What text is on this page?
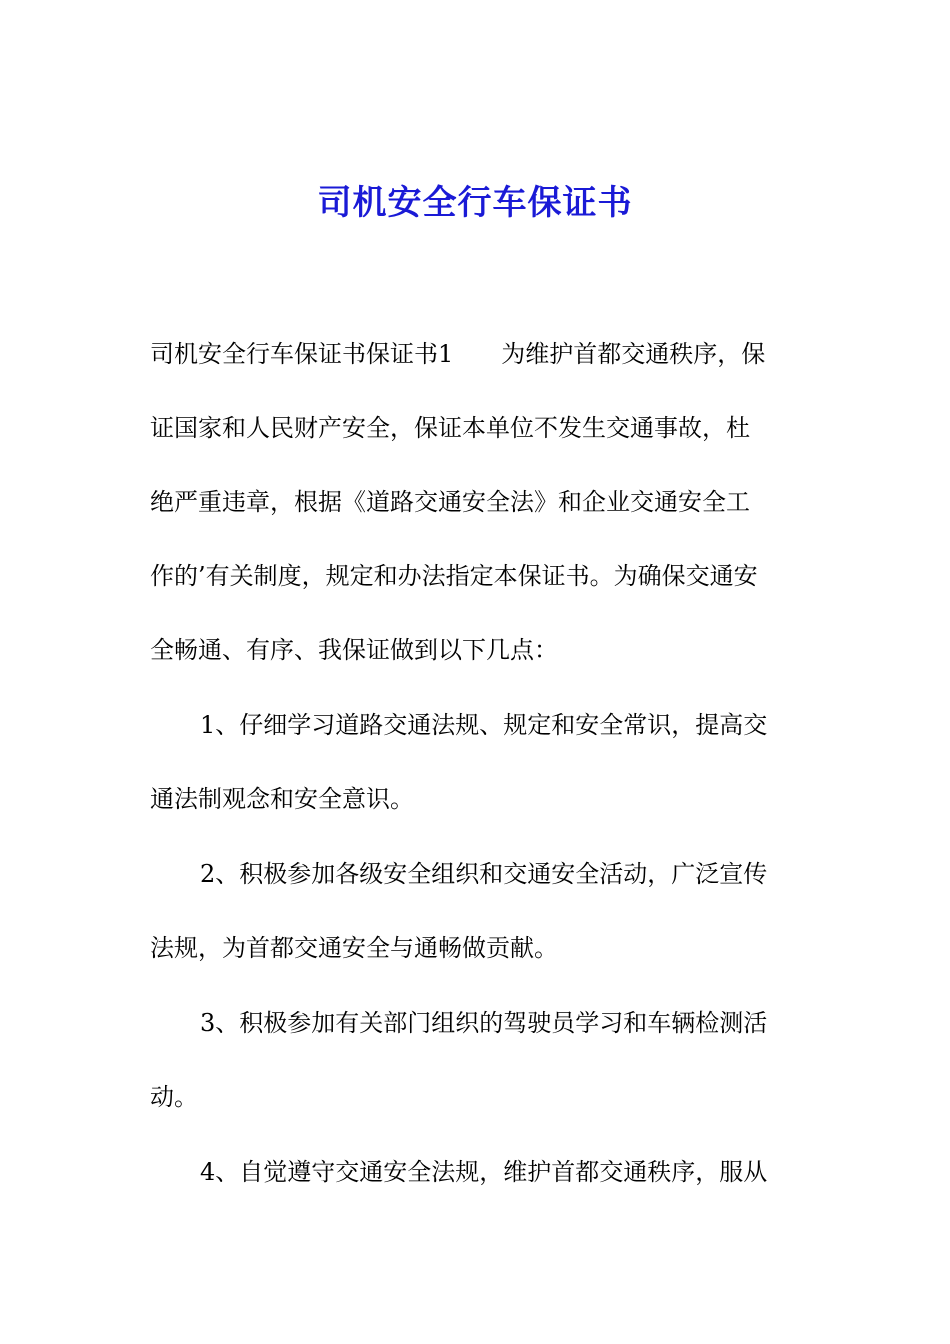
司机安全行车保证书
司机安全行车保证书保证书1　　为维护首都交通秩序，保
证国家和人民财产安全，保证本单位不发生交通事故，杜
绝严重违章，根据《道路交通安全法》和企业交通安全工
作的’有关制度，规定和办法指定本保证书。为确保交通安
全畅通、有序、我保证做到以下几点：
1、仔细学习道路交通法规、规定和安全常识，提高交
通法制观念和安全意识。
2、积极参加各级安全组织和交通安全活动，广泛宣传
法规，为首都交通安全与通畅做贡献。
3、积极参加有关部门组织的驾驶员学习和车辆检测活
动。
4、自觉遵守交通安全法规，维护首都交通秩序，服从
